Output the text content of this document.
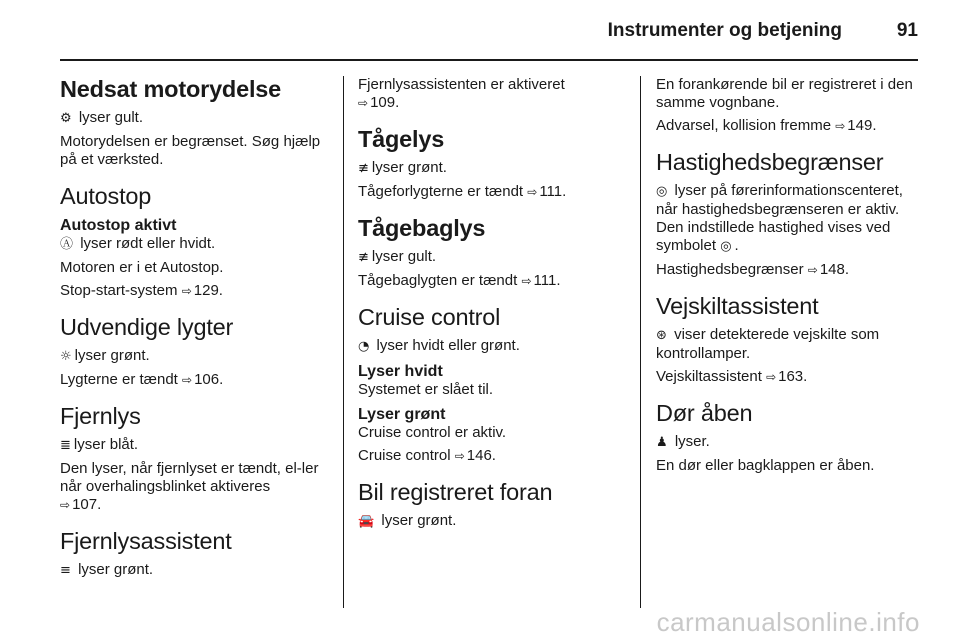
Instrumenter og betjening	91
Nedsat motorydelse

⚙ lyser gult.

Motorydelsen er begrænset. Søg hjælp på et værksted.

Autostop
Autostop aktivt

Ⓐ lyser rødt eller hvidt.

Motoren er i et Autostop.

Stop-start-system ⇨ 129.

Udvendige lygter

☼ lyser grønt.

Lygterne er tændt ⇨ 106.

Fjernlys

≣ lyser blåt.

Den lyser, når fjernlyset er tændt, el-ler når overhalingsblinket aktiveres
⇨ 107.

Fjernlysassistent

≡ lyser grønt.

Fjernlysassistenten er aktiveret
⇨ 109.

Tågelys

≢ lyser grønt.

Tågeforlygterne er tændt ⇨ 111.

Tågebaglys

≢ lyser gult.

Tågebaglygten er tændt ⇨ 111.

Cruise control

◔ lyser hvidt eller grønt.

Lyser hvidt

Systemet er slået til.

Lyser grønt

Cruise control er aktiv.

Cruise control ⇨ 146.

Bil registreret foran

🚘 lyser grønt.

En forankørende bil er registreret i den samme vognbane.

Advarsel, kollision fremme ⇨ 149.

Hastighedsbegrænser

◎ lyser på førerinformationscenteret, når hastighedsbegrænseren er aktiv. Den indstillede hastighed vises ved symbolet ◎ .

Hastighedsbegrænser ⇨ 148.

Vejskiltassistent

⊛ viser detekterede vejskilte som kontrollamper.

Vejskiltassistent ⇨ 163.

Dør åben

♟ lyser.

En dør eller bagklappen er åben.

carmanualsonline.info
